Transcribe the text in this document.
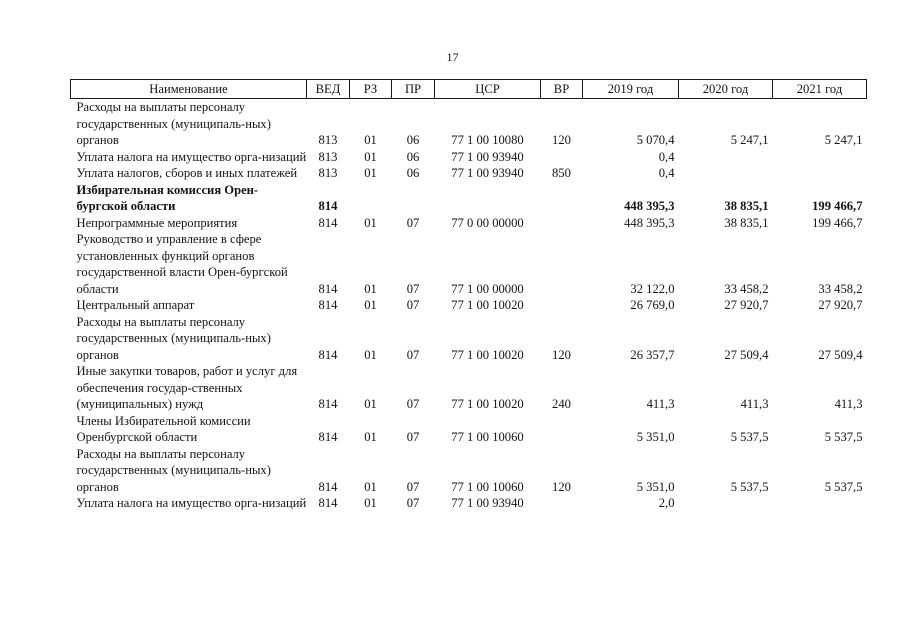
17
Наименование	ВЕД	РЗ	ПР	ЦСР	ВР	2019 год	2020 год	2021 год
Расходы на выплаты персоналу государственных (муниципаль-ных) органов	813	01	06	77 1 00 10080	120	5 070,4	5 247,1	5 247,1
Уплата налога на имущество орга-низаций	813	01	06	77 1 00 93940		0,4		
Уплата налогов, сборов и иных платежей	813	01	06	77 1 00 93940	850	0,4		
Избирательная комиссия Орен-бургской области	814					448 395,3	38 835,1	199 466,7
Непрограммные мероприятия	814	01	07	77 0 00 00000		448 395,3	38 835,1	199 466,7
Руководство и управление в сфере установленных функций органов государственной власти Орен-бургской области	814	01	07	77 1 00 00000		32 122,0	33 458,2	33 458,2
Центральный аппарат	814	01	07	77 1 00 10020		26 769,0	27 920,7	27 920,7
Расходы на выплаты персоналу государственных (муниципаль-ных) органов	814	01	07	77 1 00 10020	120	26 357,7	27 509,4	27 509,4
Иные закупки товаров, работ и услуг для обеспечения государ-ственных (муниципальных) нужд	814	01	07	77 1 00 10020	240	411,3	411,3	411,3
Члены Избирательной комиссии Оренбургской области	814	01	07	77 1 00 10060		5 351,0	5 537,5	5 537,5
Расходы на выплаты персоналу государственных (муниципаль-ных) органов	814	01	07	77 1 00 10060	120	5 351,0	5 537,5	5 537,5
Уплата налога на имущество орга-низаций	814	01	07	77 1 00 93940		2,0		
